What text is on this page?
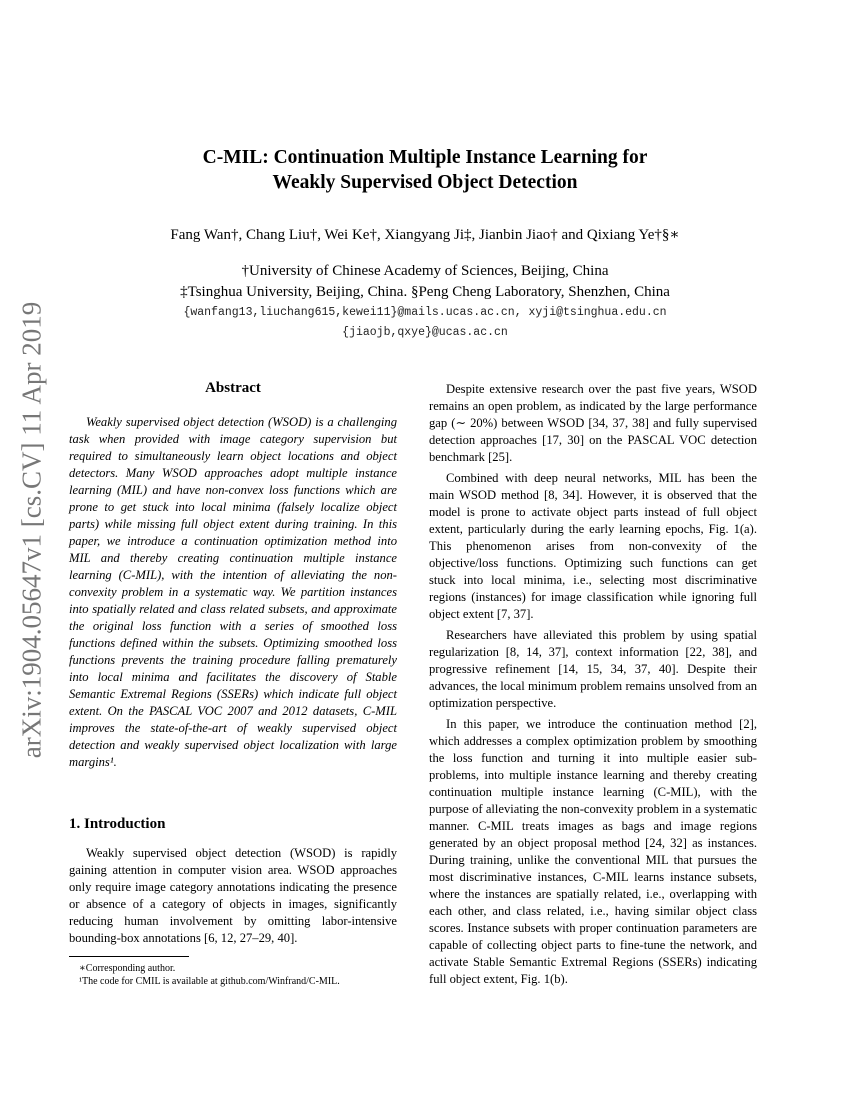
arXiv:1904.05647v1 [cs.CV] 11 Apr 2019
C-MIL: Continuation Multiple Instance Learning for
Weakly Supervised Object Detection
Fang Wan†, Chang Liu†, Wei Ke†, Xiangyang Ji‡, Jianbin Jiao† and Qixiang Ye†§∗
†University of Chinese Academy of Sciences, Beijing, China
‡Tsinghua University, Beijing, China. §Peng Cheng Laboratory, Shenzhen, China
{wanfang13,liuchang615,kewei11}@mails.ucas.ac.cn, xyji@tsinghua.edu.cn
{jiaojb,qxye}@ucas.ac.cn
Abstract
Weakly supervised object detection (WSOD) is a challenging task when provided with image category supervision but required to simultaneously learn object locations and object detectors. Many WSOD approaches adopt multiple instance learning (MIL) and have non-convex loss functions which are prone to get stuck into local minima (falsely localize object parts) while missing full object extent during training. In this paper, we introduce a continuation optimization method into MIL and thereby creating continuation multiple instance learning (C-MIL), with the intention of alleviating the non-convexity problem in a systematic way. We partition instances into spatially related and class related subsets, and approximate the original loss function with a series of smoothed loss functions defined within the subsets. Optimizing smoothed loss functions prevents the training procedure falling prematurely into local minima and facilitates the discovery of Stable Semantic Extremal Regions (SSERs) which indicate full object extent. On the PASCAL VOC 2007 and 2012 datasets, C-MIL improves the state-of-the-art of weakly supervised object detection and weakly supervised object localization with large margins¹.
1. Introduction

Weakly supervised object detection (WSOD) is rapidly gaining attention in computer vision area. WSOD approaches only require image category annotations indicating the presence or absence of a category of objects in images, significantly reducing human involvement by omitting labor-intensive bounding-box annotations [6, 12, 27–29, 40].

∗Corresponding author.
¹The code for CMIL is available at github.com/Winfrand/C-MIL.

Despite extensive research over the past five years, WSOD remains an open problem, as indicated by the large performance gap (∼ 20%) between WSOD [34, 37, 38] and fully supervised detection approaches [17, 30] on the PASCAL VOC detection benchmark [25].

Combined with deep neural networks, MIL has been the main WSOD method [8, 34]. However, it is observed that the model is prone to activate object parts instead of full object extent, particularly during the early learning epochs, Fig. 1(a). This phenomenon arises from non-convexity of the objective/loss functions. Optimizing such functions can get stuck into local minima, i.e., selecting most discriminative regions (instances) for image classification while ignoring full object extent [7, 37].

Researchers have alleviated this problem by using spatial regularization [8, 14, 37], context information [22, 38], and progressive refinement [14, 15, 34, 37, 40]. Despite their advances, the local minimum problem remains unsolved from an optimization perspective.

In this paper, we introduce the continuation method [2], which addresses a complex optimization problem by smoothing the loss function and turning it into multiple easier sub-problems, into multiple instance learning and thereby creating continuation multiple instance learning (C-MIL), with the purpose of alleviating the non-convexity problem in a systematic manner. C-MIL treats images as bags and image regions generated by an object proposal method [24, 32] as instances. During training, unlike the conventional MIL that pursues the most discriminative instances, C-MIL learns instance subsets, where the instances are spatially related, i.e., overlapping with each other, and class related, i.e., having similar object class scores. Instance subsets with proper continuation parameters are capable of collecting object parts to fine-tune the network, and activate Stable Semantic Extremal Regions (SSERs) indicating full object extent, Fig. 1(b).
